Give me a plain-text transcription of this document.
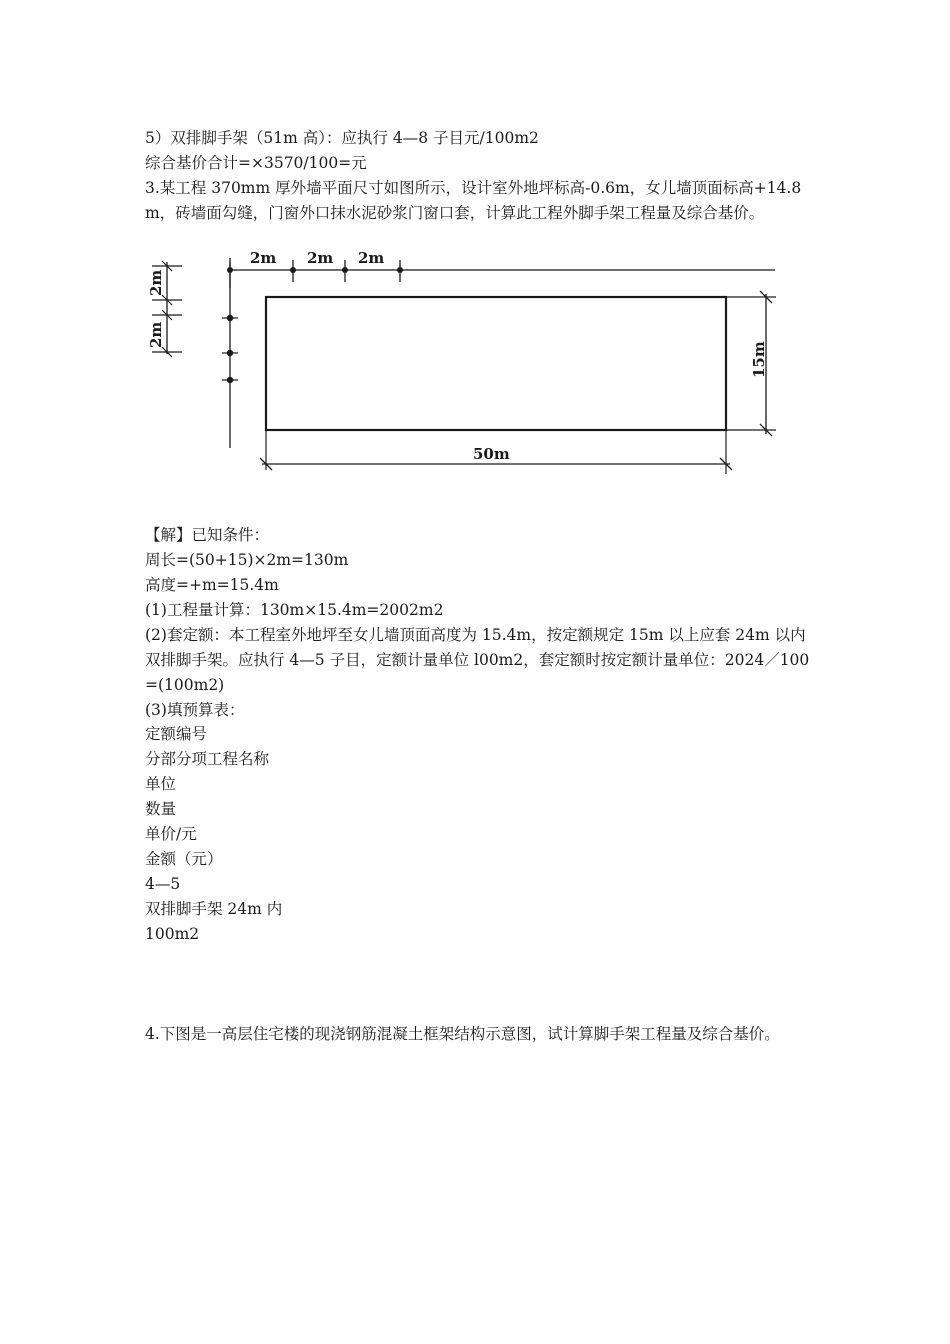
5）双排脚手架（51m 高）：应执行 4—8 子目元/100m2

综合基价合计=×3570/100=元

3.某工程 370mm 厚外墙平面尺寸如图所示，设计室外地坪标高-0.6m，女儿墙顶面标高+14.8m，砖墙面勾缝，门窗外口抹水泥砂浆门窗口套，计算此工程外脚手架工程量及综合基价。

2m 2m 2m
2m
2m
50m
15m

【解】已知条件：

周长=(50+15)×2m=130m

高度=+m=15.4m

(1)工程量计算：130m×15.4m=2002m2

(2)套定额：本工程室外地坪至女儿墙顶面高度为 15.4m，按定额规定 15m 以上应套 24m 以内双排脚手架。应执行 4—5 子目，定额计量单位 l00m2，套定额时按定额计量单位：2024／100=(100m2)

(3)填预算表：

定额编号

分部分项工程名称

单位

数量

单价/元

金额（元）

4—5

双排脚手架 24m 内

100m2

4.下图是一高层住宅楼的现浇钢筋混凝土框架结构示意图，试计算脚手架工程量及综合基价。
